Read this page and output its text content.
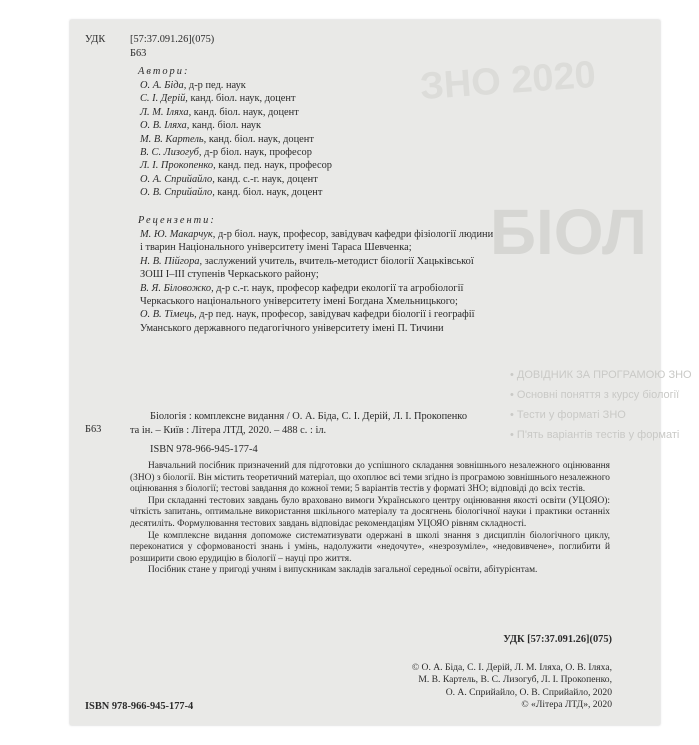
ЗНО 2020
БІОЛ
• ДОВІДНИК ЗА ПРОГРАМОЮ ЗНО
• Основні поняття з курсу біології
• Тести у форматі ЗНО
• П'ять варіантів тестів у форматі
УДК [57:37.091.26](075)
Б63
Автори:
О. А. Біда, д-р пед. наук
С. І. Дерій, канд. біол. наук, доцент
Л. М. Іляха, канд. біол. наук, доцент
О. В. Іляха, канд. біол. наук
М. В. Картель, канд. біол. наук, доцент
В. С. Лизогуб, д-р біол. наук, професор
Л. І. Прокопенко, канд. пед. наук, професор
О. А. Сприйайло, канд. с.-г. наук, доцент
О. В. Сприйайло, канд. біол. наук, доцент
Рецензенти:
М. Ю. Макарчук, д-р біол. наук, професор, завідувач кафедри фізіології людини
і тварин Національного університету імені Тараса Шевченка;
Н. В. Пійгора, заслужений учитель, вчитель-методист біології Хацьківської
ЗОШ І–ІІІ ступенів Черкаського району;
В. Я. Біловожко, д-р с.-г. наук, професор кафедри екології та агробіології
Черкаського національного університету імені Богдана Хмельницького;
О. В. Тімець, д-р пед. наук, професор, завідувач кафедри біології і географії
Уманського державного педагогічного університету імені П. Тичини
Б63
Біологія : комплексне видання / О. А. Біда, С. І. Дерій, Л. І. Прокопенко
та ін. – Київ : Літера ЛТД, 2020. – 488 с. : іл.
ISBN 978-966-945-177-4

Навчальний посібник призначений для підготовки до успішного складання зовнішнього незалежного оцінювання (ЗНО) з біології. Він містить теоретичний матеріал, що охоплює всі теми згідно із програмою зовнішнього незалежного оцінювання з біології; тестові завдання до кожної теми; 5 варіантів тестів у форматі ЗНО; відповіді до всіх тестів.

При складанні тестових завдань було враховано вимоги Українського центру оцінювання якості освіти (УЦОЯО): чіткість запитань, оптимальне використання шкільного матеріалу та досягнень біологічної науки і практики останніх десятиліть. Формулювання тестових завдань відповідає рекомендаціям УЦОЯО рівням складності.

Це комплексне видання допоможе систематизувати одержані в школі знання з дисциплін біологічного циклу, переконатися у сформованості знань і умінь, надолужити «недочуте», «незрозуміле», «недовивчене», поглибити й розширити свою ерудицію в біології – науці про життя.

Посібник стане у пригоді учням і випускникам закладів загальної середньої освіти, абітурієнтам.

УДК [57:37.091.26](075)
© О. А. Біда, С. І. Дерій, Л. М. Іляха, О. В. Іляха,
М. В. Картель, В. С. Лизогуб, Л. І. Прокопенко,
О. А. Сприйайло, О. В. Сприйайло, 2020
© «Літера ЛТД», 2020
ISBN 978-966-945-177-4
